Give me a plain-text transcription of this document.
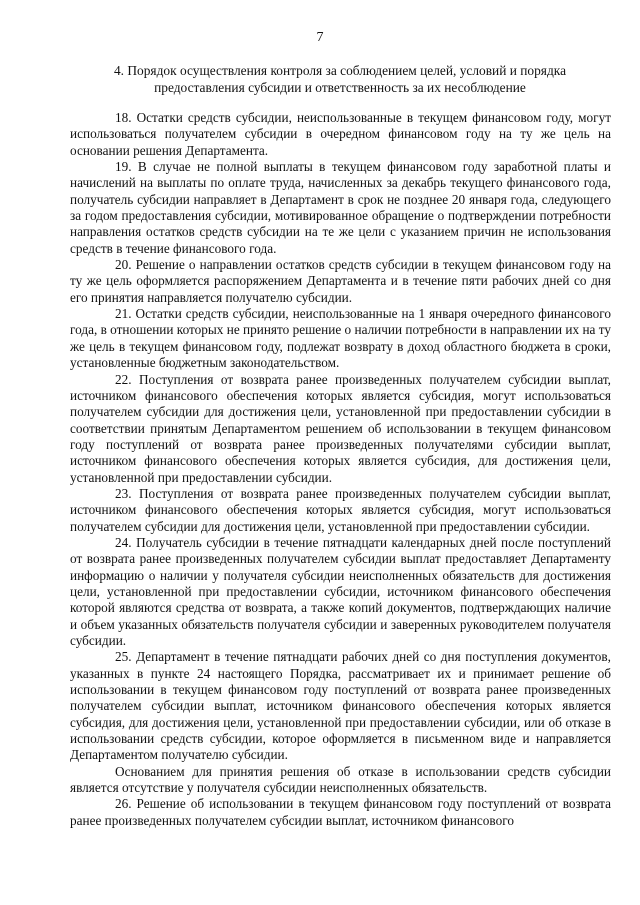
7
4. Порядок осуществления контроля за соблюдением целей, условий и порядка предоставления субсидии и ответственность за их несоблюдение

18. Остатки средств субсидии, неиспользованные в текущем финансовом году, могут использоваться получателем субсидии в очередном финансовом году на ту же цель на основании решения Департамента.

19. В случае не полной выплаты в текущем финансовом году заработной платы и начислений на выплаты по оплате труда, начисленных за декабрь текущего финансового года, получатель субсидии направляет в Департамент в срок не позднее 20 января года, следующего за годом предоставления субсидии, мотивированное обращение о подтверждении потребности направления остатков средств субсидии на те же цели с указанием причин не использования средств в течение финансового года.

20. Решение о направлении остатков средств субсидии в текущем финансовом году на ту же цель оформляется распоряжением Департамента и в течение пяти рабочих дней со дня его принятия направляется получателю субсидии.

21. Остатки средств субсидии, неиспользованные на 1 января очередного финансового года, в отношении которых не принято решение о наличии потребности в направлении их на ту же цель в текущем финансовом году, подлежат возврату в доход областного бюджета в сроки, установленные бюджетным законодательством.

22. Поступления от возврата ранее произведенных получателем субсидии выплат, источником финансового обеспечения которых является субсидия, могут использоваться получателем субсидии для достижения цели, установленной при предоставлении субсидии в соответствии принятым Департаментом решением об использовании в текущем финансовом году поступлений от возврата ранее произведенных получателями субсидии выплат, источником финансового обеспечения которых является субсидия, для достижения цели, установленной при предоставлении субсидии.

23. Поступления от возврата ранее произведенных получателем субсидии выплат, источником финансового обеспечения которых является субсидия, могут использоваться получателем субсидии для достижения цели, установленной при предоставлении субсидии.

24. Получатель субсидии в течение пятнадцати календарных дней после поступлений от возврата ранее произведенных получателем субсидии выплат предоставляет Департаменту информацию о наличии у получателя субсидии неисполненных обязательств для достижения цели, установленной при предоставлении субсидии, источником финансового обеспечения которой являются средства от возврата, а также копий документов, подтверждающих наличие и объем указанных обязательств получателя субсидии и заверенных руководителем получателя субсидии.

25. Департамент в течение пятнадцати рабочих дней со дня поступления документов, указанных в пункте 24 настоящего Порядка, рассматривает их и принимает решение об использовании в текущем финансовом году поступлений от возврата ранее произведенных получателем субсидии выплат, источником финансового обеспечения которых является субсидия, для достижения цели, установленной при предоставлении субсидии, или об отказе в использовании средств субсидии, которое оформляется в письменном виде и направляется Департаментом получателю субсидии.

Основанием для принятия решения об отказе в использовании средств субсидии является отсутствие у получателя субсидии неисполненных обязательств.

26. Решение об использовании в текущем финансовом году поступлений от возврата ранее произведенных получателем субсидии выплат, источником финансового
